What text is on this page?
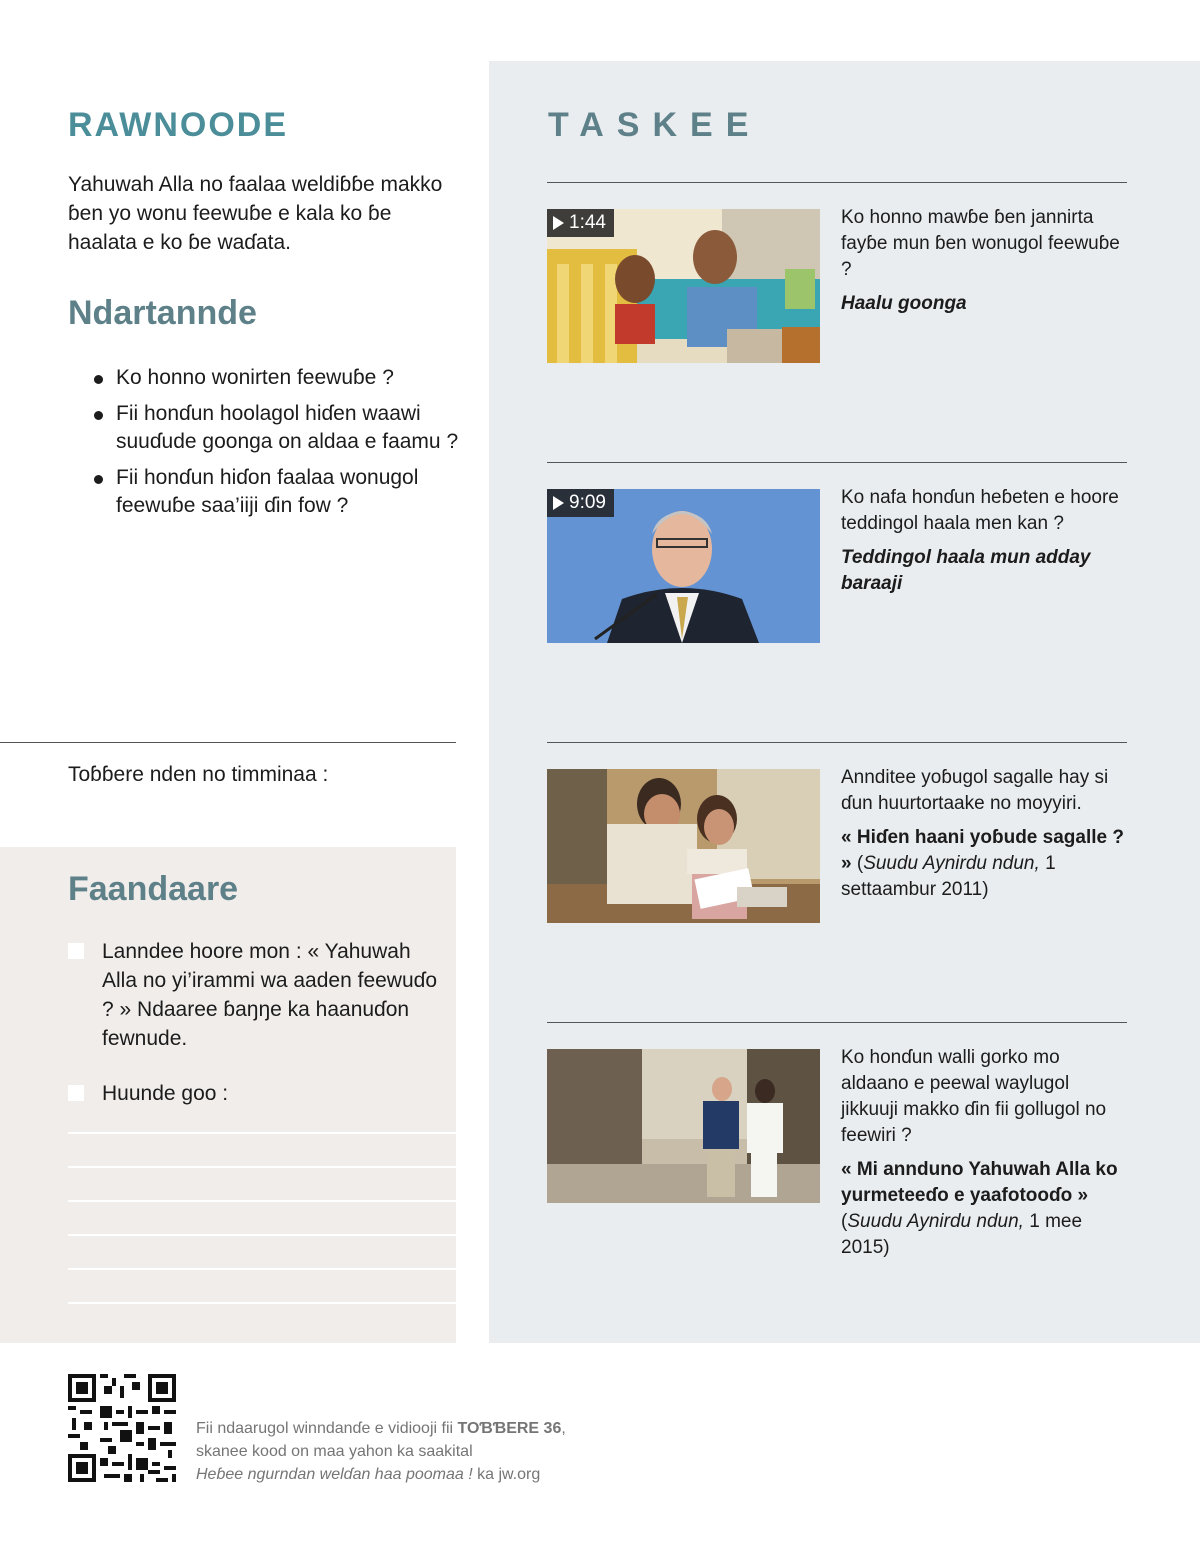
RAWNOODE

Yahuwah Alla no faalaa weldiɓɓe makko ɓen yo wonu feewuɓe e kala ko ɓe haalata e ko ɓe waɗata.

Ndartannde
Ko honno wonirten feewuɓe ?
Fii honɗun hoolagol hiɗen waawi suuɗude goonga on aldaa e faamu ?
Fii honɗun hiɗon faalaa wonugol feewuɓe saa’iiji ɗin fow ?
Toɓɓere nden no timminaa :
Faandaare
Lanndee hoore mon : « Yahuwah Alla no yi’irammi wa aaden feewuɗo ? » Ndaaree ɓaŋŋe ka haanuɗon fewnude.
Huunde goo :
TASKEE
1:44	Ko honno mawɓe ɓen jannirta fayɓe mun ɓen wonugol feewuɓe ?
Haalu goonga
9:09	Ko nafa honɗun heɓeten e hoore teddingol haala men kan ?
Teddingol haala mun adday baraaji
Annditee yoɓugol sagalle hay si ɗun huurtortaake no moyyiri.
« Hiɗen haani yoɓude sagalle ? » (Suudu Aynirdu ndun, 1 settaambur 2011)
Ko honɗun walli gorko mo aldaano e peewal waylugol jikkuuji makko ɗin fii gollugol no feewiri ?
« Mi annduno Yahuwah Alla ko yurmeteeɗo e yaafotooɗo » (Suudu Aynirdu ndun, 1 mee 2015)
Fii ndaarugol winndanɗe e vidiooji fii TOƁƁERE 36,
skanee kood on maa yahon ka saakital
Heɓee ngurndan welɗan haa poomaa ! ka jw.org
